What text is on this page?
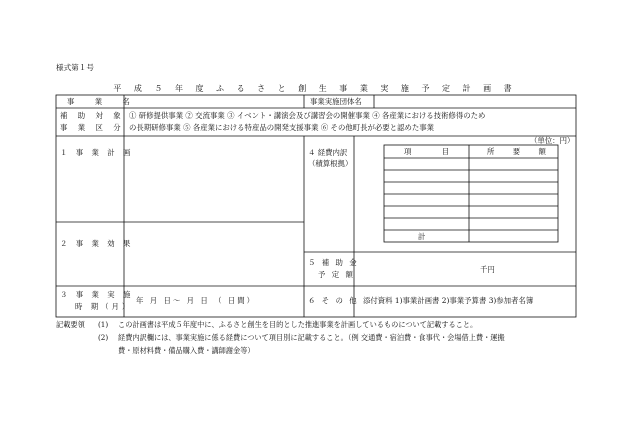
様式第１号
平 成 ５ 年 度 ふ る さ と 創 生 事 業 実 施 予 定 計 画 書
事 業 名	事業実施団体名
補 助 対 象
事 業 区 分
① 研修提供事業 ② 交流事業 ③ イベント・講演会及び講習会の開催事業 ④ 各産業における技術修得のため
の長期研修事業 ⑤ 各産業における特産品の開発支援事業 ⑥ その他町長が必要と認めた事業
（単位：円）
１ 事 業 計 画
２ 事 業 効 果
４ 経費内訳
（積算根拠）
項 目	所 要 額
計
５ 補 助 金
予 定 額
千円
３ 事 業 実 施
時 期（月）
年 月 日〜 月 日 （ 日間）	６ そ の 他 添付資料 1)事業計画書 2)事業予算書 3)参加者名簿
記載要領 (1) この計画書は平成５年度中に、ふるさと創生を目的とした推進事業を計画しているものについて記載すること。
(2) 経費内訳欄には、事業実施に係る経費について項目別に記載すること。（例 交通費・宿泊費・食事代・会場借上費・運搬
費・原材料費・備品購入費・講師謝金等）
